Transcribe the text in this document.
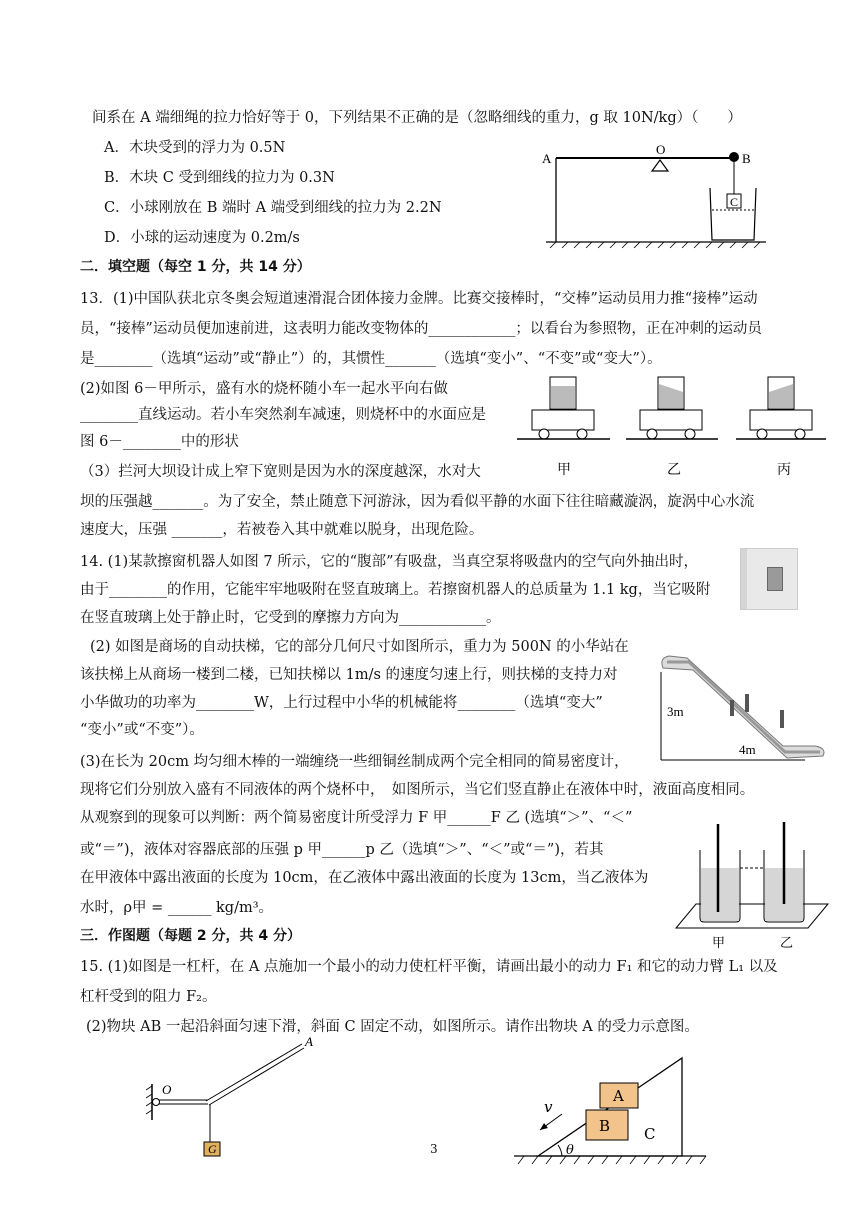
间系在 A 端细绳的拉力恰好等于 0，下列结果不正确的是（忽略细线的重力，g 取 10N/kg）（　　）
A．木块受到的浮力为 0.5N
B．木块 C 受到细线的拉力为 0.3N
C．小球刚放在 B 端时 A 端受到细线的拉力为 2.2N
D．小球的运动速度为 0.2m/s
A
O
B
C
二．填空题（每空 1 分，共 14 分）
13．(1)中国队获北京冬奥会短道速滑混合团体接力金牌。比赛交接棒时，“交棒”运动员用力推“接棒”运动
员，“接棒”运动员便加速前进，这表明力能改变物体的____________；以看台为参照物，正在冲刺的运动员
是________（选填“运动”或“静止”）的，其惯性_______（选填“变小”、“不变”或“变大”）。
(2)如图 6－甲所示，盛有水的烧杯随小车一起水平向右做
________直线运动。若小车突然刹车减速，则烧杯中的水面应是
图 6－________中的形状
（3）拦河大坝设计成上窄下宽则是因为水的深度越深，水对大
坝的压强越_______。为了安全，禁止随意下河游泳，因为看似平静的水面下往往暗藏漩涡，旋涡中心水流
速度大，压强 _______，若被卷入其中就难以脱身，出现危险。
甲	乙	丙
14. (1)某款擦窗机器人如图 7 所示，它的“腹部”有吸盘，当真空泵将吸盘内的空气向外抽出时，
由于________的作用，它能牢牢地吸附在竖直玻璃上。若擦窗机器人的总质量为 1.1 kg，当它吸附
在竖直玻璃上处于静止时，它受到的摩擦力方向为____________。
(2) 如图是商场的自动扶梯，它的部分几何尺寸如图所示，重力为 500N 的小华站在
该扶梯上从商场一楼到二楼，已知扶梯以 1m/s 的速度匀速上行，则扶梯的支持力对
小华做功的功率为________W，上行过程中小华的机械能将________（选填“变大”
“变小”或“不变”）。
3m
4m
(3)在长为 20cm 均匀细木棒的一端缠绕一些细铜丝制成两个完全相同的简易密度计，
现将它们分别放入盛有不同液体的两个烧杯中，　如图所示，当它们竖直静止在液体中时，液面高度相同。
从观察到的现象可以判断：两个简易密度计所受浮力 F 甲______F 乙 (选填“＞”、“＜”
或“＝”)，液体对容器底部的压强 p 甲______p 乙（选填“＞”、“＜”或“＝”)，若其
在甲液体中露出液面的长度为 10cm，在乙液体中露出液面的长度为 13cm，当乙液体为
水时，ρ甲 = ______ kg/m³。
甲	乙
三．作图题（每题 2 分，共 4 分）
15. (1)如图是一杠杆，在 A 点施加一个最小的动力使杠杆平衡，请画出最小的动力 F₁ 和它的动力臂 L₁ 以及
杠杆受到的阻力 F₂。
(2)物块 AB 一起沿斜面匀速下滑，斜面 C 固定不动，如图所示。请作出物块 A 的受力示意图。
O
A
G	3
A
B C
v
θ
